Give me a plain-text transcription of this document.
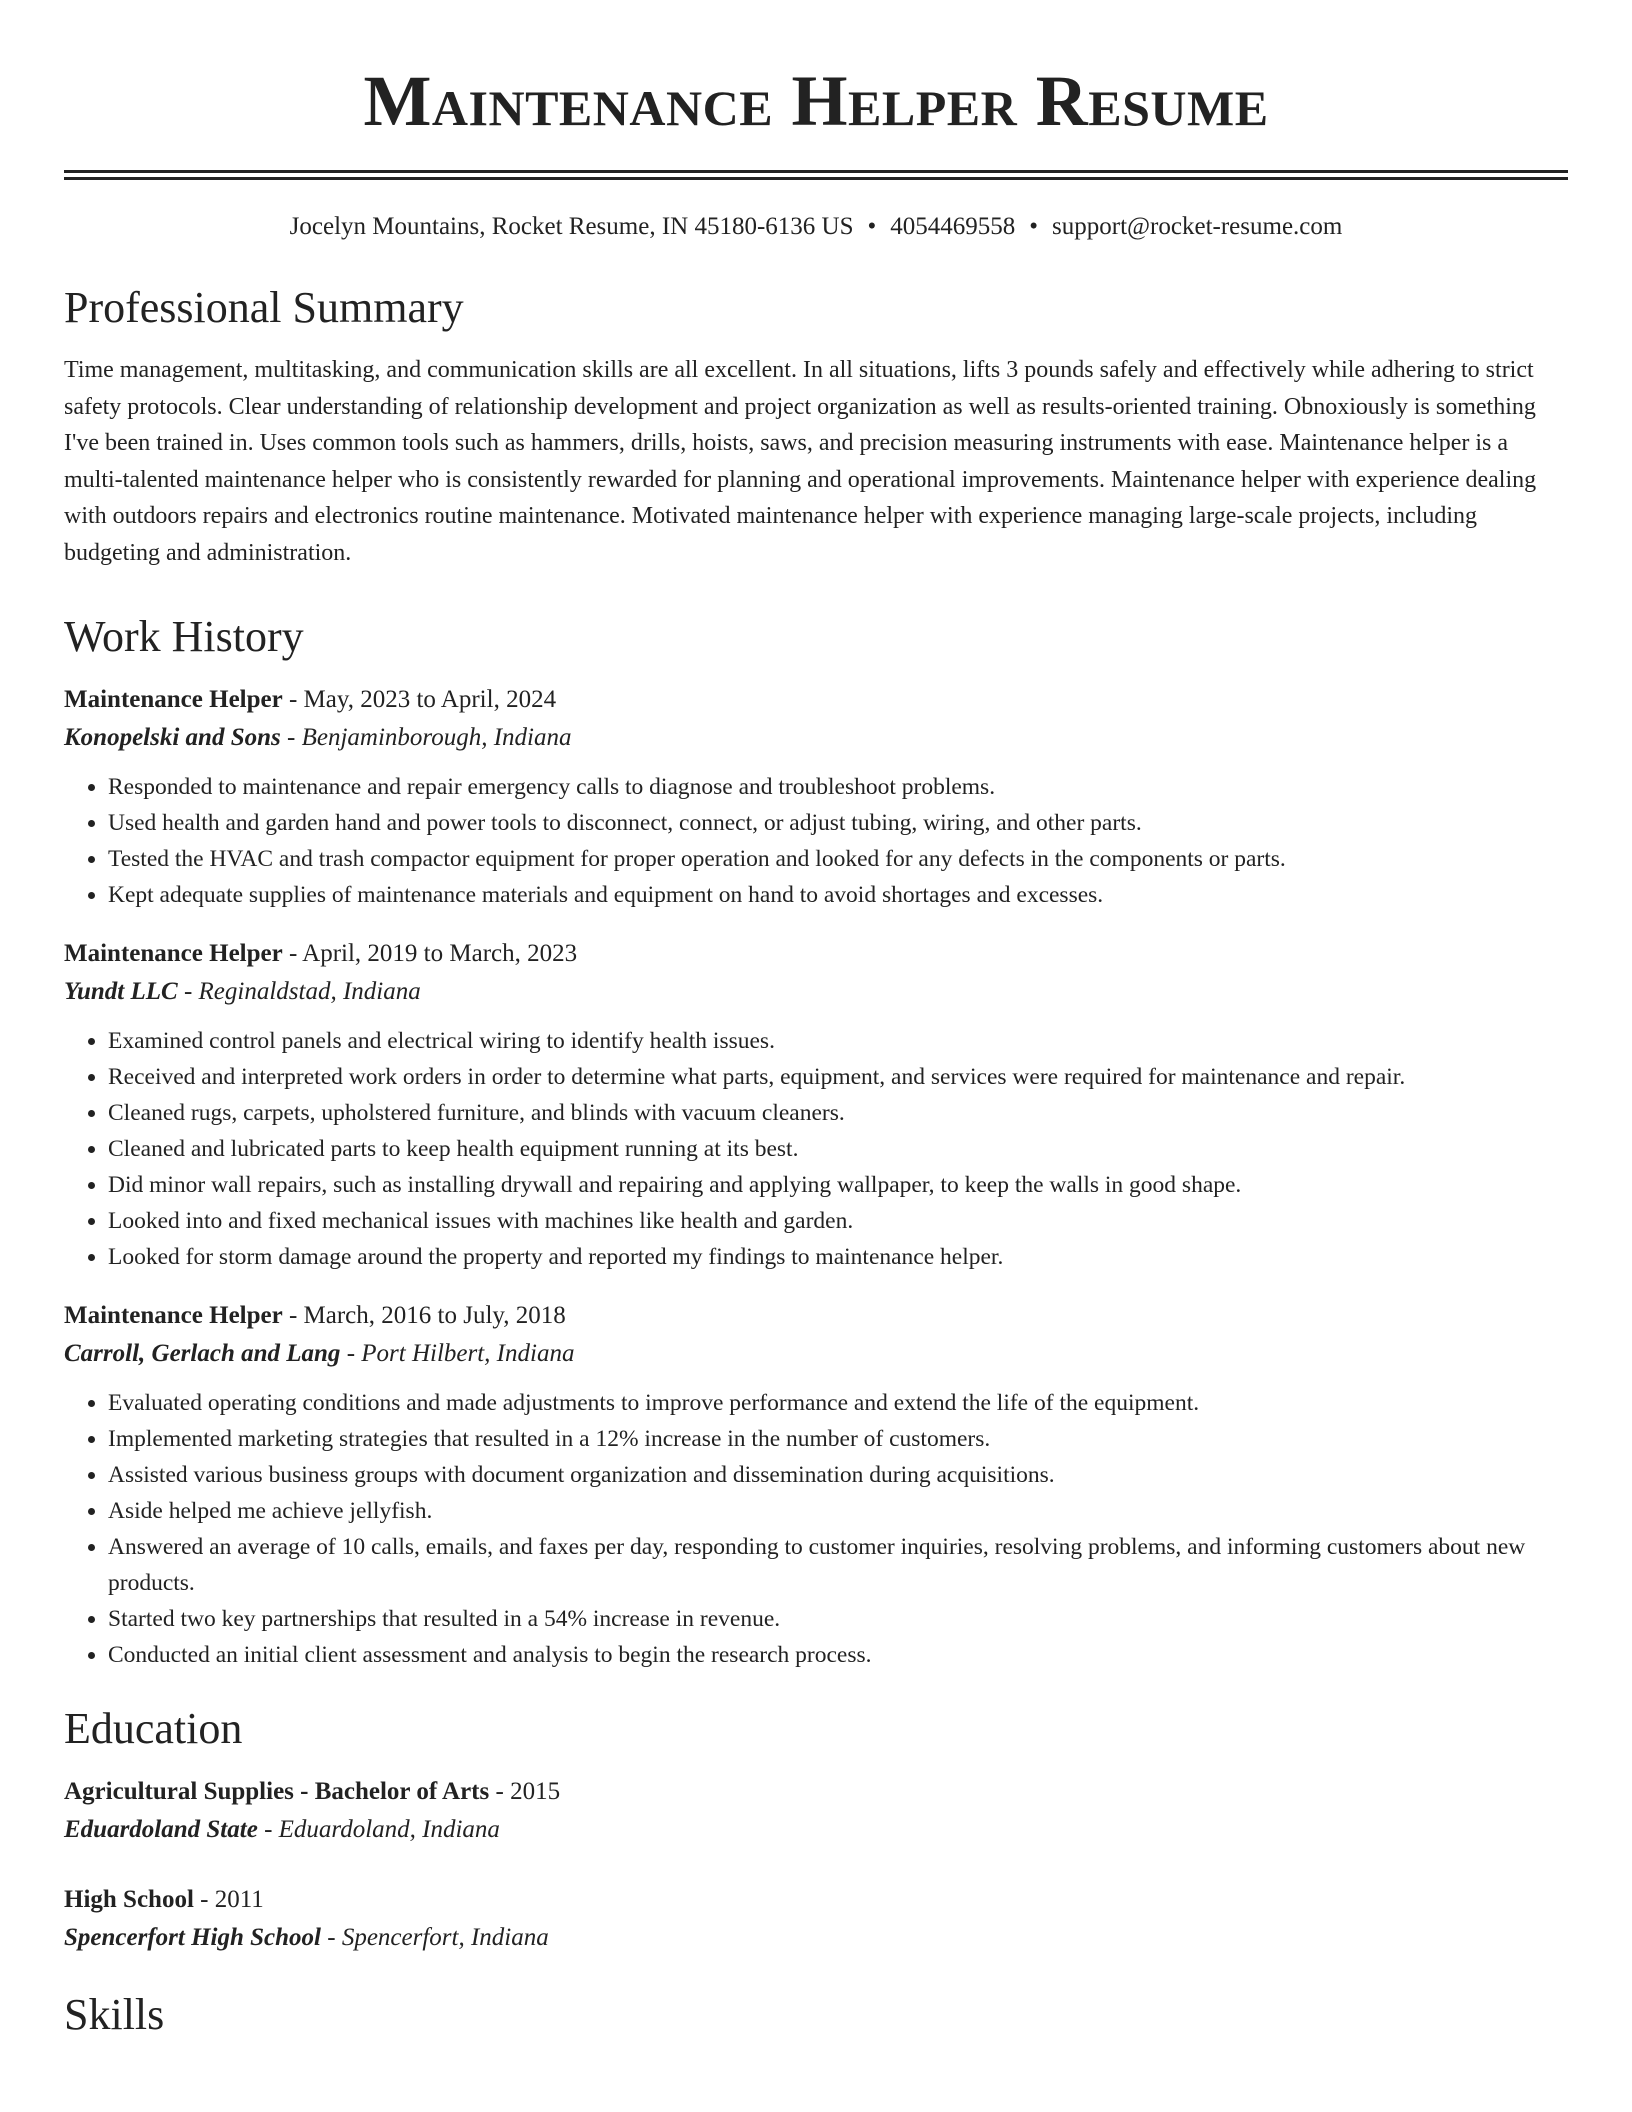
Maintenance Helper Resume
Jocelyn Mountains, Rocket Resume, IN 45180-6136 US • 4054469558 • support@rocket-resume.com
Professional Summary

Time management, multitasking, and communication skills are all excellent. In all situations, lifts 3 pounds safely and effectively while adhering to strict safety protocols. Clear understanding of relationship development and project organization as well as results-oriented training. Obnoxiously is something I've been trained in. Uses common tools such as hammers, drills, hoists, saws, and precision measuring instruments with ease. Maintenance helper is a multi-talented maintenance helper who is consistently rewarded for planning and operational improvements. Maintenance helper with experience dealing with outdoors repairs and electronics routine maintenance. Motivated maintenance helper with experience managing large-scale projects, including budgeting and administration.

Work History
Maintenance Helper - May, 2023 to April, 2024
Konopelski and Sons - Benjaminborough, Indiana
• Responded to maintenance and repair emergency calls to diagnose and troubleshoot problems.
• Used health and garden hand and power tools to disconnect, connect, or adjust tubing, wiring, and other parts.
• Tested the HVAC and trash compactor equipment for proper operation and looked for any defects in the components or parts.
• Kept adequate supplies of maintenance materials and equipment on hand to avoid shortages and excesses.
Maintenance Helper - April, 2019 to March, 2023
Yundt LLC - Reginaldstad, Indiana
• Examined control panels and electrical wiring to identify health issues.
• Received and interpreted work orders in order to determine what parts, equipment, and services were required for maintenance and repair.
• Cleaned rugs, carpets, upholstered furniture, and blinds with vacuum cleaners.
• Cleaned and lubricated parts to keep health equipment running at its best.
• Did minor wall repairs, such as installing drywall and repairing and applying wallpaper, to keep the walls in good shape.
• Looked into and fixed mechanical issues with machines like health and garden.
• Looked for storm damage around the property and reported my findings to maintenance helper.
Maintenance Helper - March, 2016 to July, 2018
Carroll, Gerlach and Lang - Port Hilbert, Indiana
• Evaluated operating conditions and made adjustments to improve performance and extend the life of the equipment.
• Implemented marketing strategies that resulted in a 12% increase in the number of customers.
• Assisted various business groups with document organization and dissemination during acquisitions.
• Aside helped me achieve jellyfish.
• Answered an average of 10 calls, emails, and faxes per day, responding to customer inquiries, resolving problems, and informing customers about new products.
• Started two key partnerships that resulted in a 54% increase in revenue.
• Conducted an initial client assessment and analysis to begin the research process.
Education
Agricultural Supplies - Bachelor of Arts - 2015
Eduardoland State - Eduardoland, Indiana
High School - 2011
Spencerfort High School - Spencerfort, Indiana
Skills
